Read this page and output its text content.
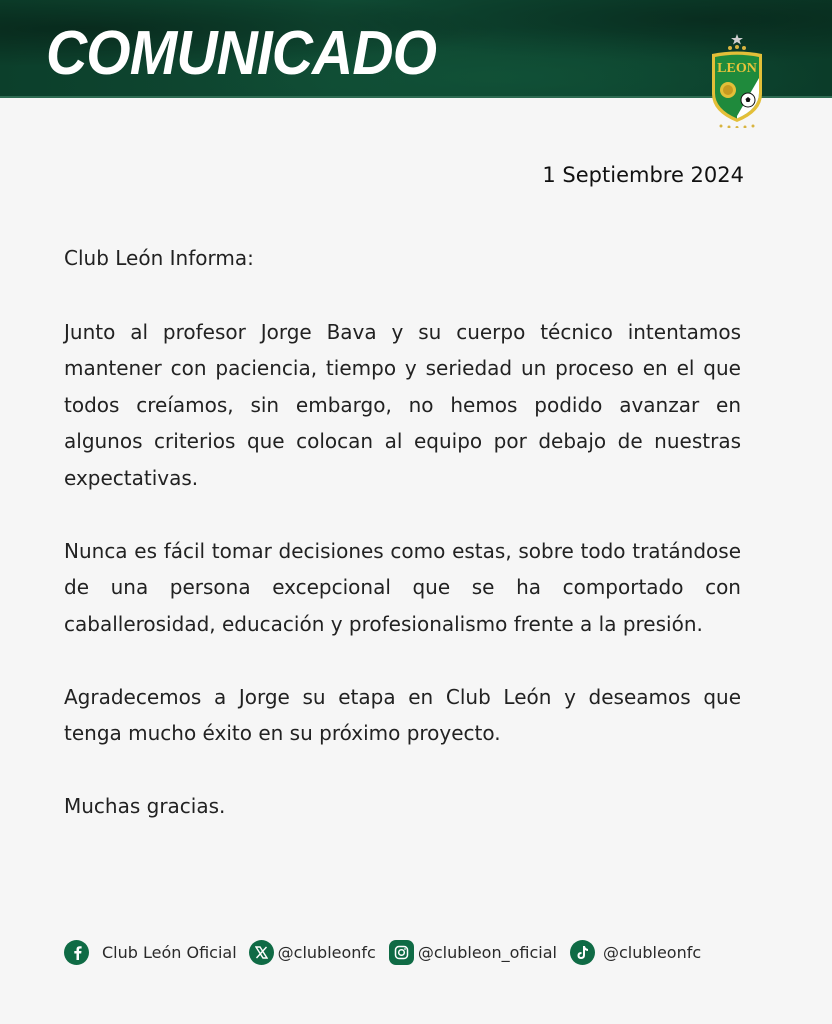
COMUNICADO	LEON
1 Septiembre 2024

Club León Informa:

Junto al profesor Jorge Bava y su cuerpo técnico intentamos mantener con paciencia, tiempo y seriedad un proceso en el que todos creíamos, sin embargo, no hemos podido avanzar en algunos criterios que colocan al equipo por debajo de nuestras expectativas.

Nunca es fácil tomar decisiones como estas, sobre todo tratándose de una persona excepcional que se ha comportado con caballerosidad, educación y profesionalismo frente a la presión.

Agradecemos a Jorge su etapa en Club León y deseamos que tenga mucho éxito en su próximo proyecto.

Muchas gracias.

Club León Oficial	@clubleonfc	@clubleon_oficial	@clubleonfc
